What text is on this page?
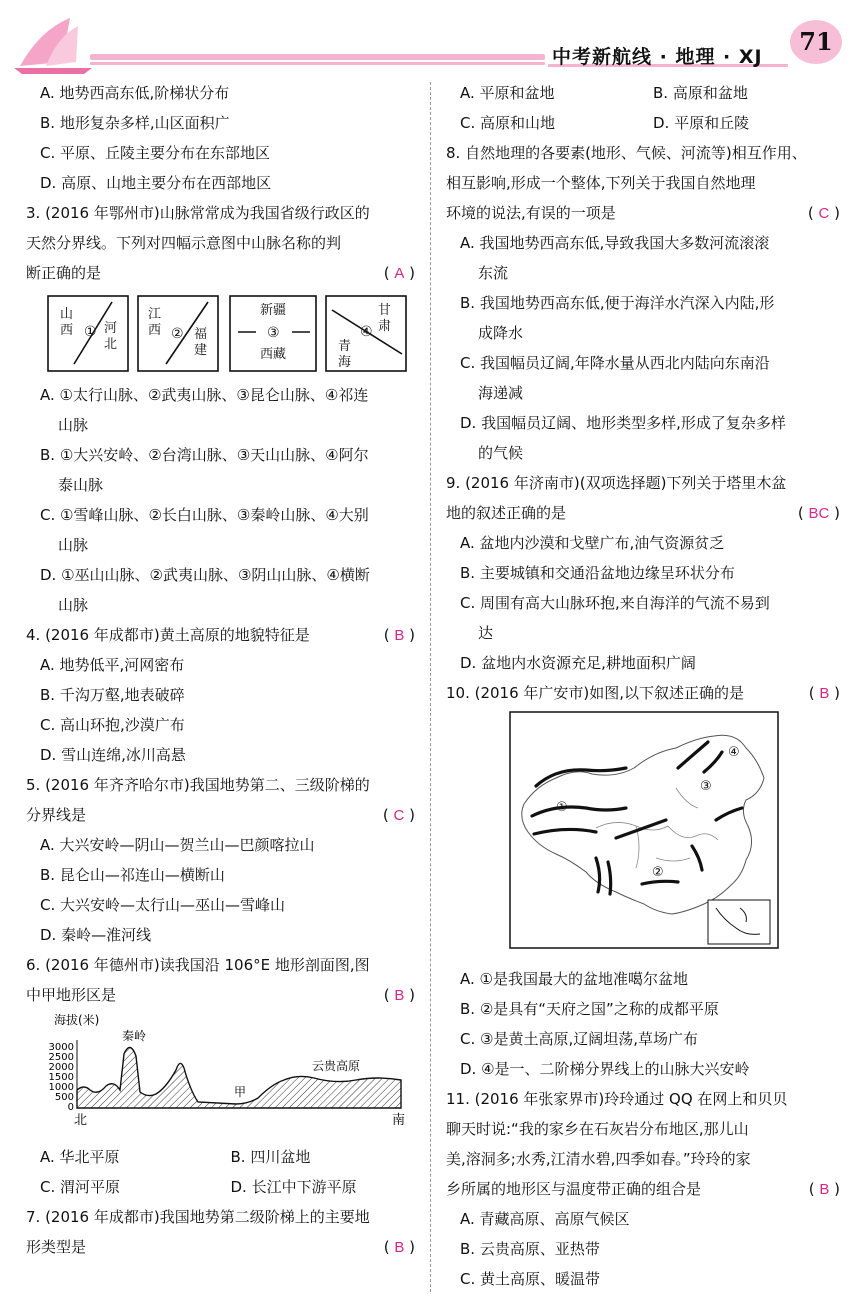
中考新航线 · 地理 · XJ
71
A. 地势西高东低,阶梯状分布
B. 地形复杂多样,山区面积广
C. 平原、丘陵主要分布在东部地区
D. 高原、山地主要分布在西部地区
3. (2016 年鄂州市)山脉常常成为我国省级行政区的
天然分界线。下列对四幅示意图中山脉名称的判
断正确的是	( A )
山西 ① 河北
江西 ② 福建
新疆
③
西藏
青海
④
甘肃
A. ①太行山脉、②武夷山脉、③昆仑山脉、④祁连
山脉
B. ①大兴安岭、②台湾山脉、③天山山脉、④阿尔
泰山脉
C. ①雪峰山脉、②长白山脉、③秦岭山脉、④大别
山脉
D. ①巫山山脉、②武夷山脉、③阴山山脉、④横断
山脉
4. (2016 年成都市)黄土高原的地貌特征是	( B )
A. 地势低平,河网密布
B. 千沟万壑,地表破碎
C. 高山环抱,沙漠广布
D. 雪山连绵,冰川高悬
5. (2016 年齐齐哈尔市)我国地势第二、三级阶梯的
分界线是	( C )
A. 大兴安岭—阴山—贺兰山—巴颜喀拉山
B. 昆仑山—祁连山—横断山
C. 大兴安岭—太行山—巫山—雪峰山
D. 秦岭—淮河线
6. (2016 年德州市)读我国沿 106°E 地形剖面图,图
中甲地形区是	( B )
海拔(米)
3000
2500
2000
1500
1000
500
0
秦岭
甲
云贵高原
北	南
A. 华北平原	B. 四川盆地
C. 渭河平原	D. 长江中下游平原
7. (2016 年成都市)我国地势第二级阶梯上的主要地
形类型是	( B )
A. 平原和盆地	B. 高原和盆地
C. 高原和山地	D. 平原和丘陵
8. 自然地理的各要素(地形、气候、河流等)相互作用、
相互影响,形成一个整体,下列关于我国自然地理
环境的说法,有误的一项是	( C )
A. 我国地势西高东低,导致我国大多数河流滚滚
东流
B. 我国地势西高东低,便于海洋水汽深入内陆,形
成降水
C. 我国幅员辽阔,年降水量从西北内陆向东南沿
海递减
D. 我国幅员辽阔、地形类型多样,形成了复杂多样
的气候
9. (2016 年济南市)(双项选择题)下列关于塔里木盆
地的叙述正确的是	( BC )
A. 盆地内沙漠和戈壁广布,油气资源贫乏
B. 主要城镇和交通沿盆地边缘呈环状分布
C. 周围有高大山脉环抱,来自海洋的气流不易到
达
D. 盆地内水资源充足,耕地面积广阔
10. (2016 年广安市)如图,以下叙述正确的是	( B )
①
②
③
④
A. ①是我国最大的盆地准噶尔盆地
B. ②是具有“天府之国”之称的成都平原
C. ③是黄土高原,辽阔坦荡,草场广布
D. ④是一、二阶梯分界线上的山脉大兴安岭
11. (2016 年张家界市)玲玲通过 QQ 在网上和贝贝
聊天时说:“我的家乡在石灰岩分布地区,那儿山
美,溶洞多;水秀,江清水碧,四季如春。”玲玲的家
乡所属的地形区与温度带正确的组合是	( B )
A. 青藏高原、高原气候区
B. 云贵高原、亚热带
C. 黄土高原、暖温带
